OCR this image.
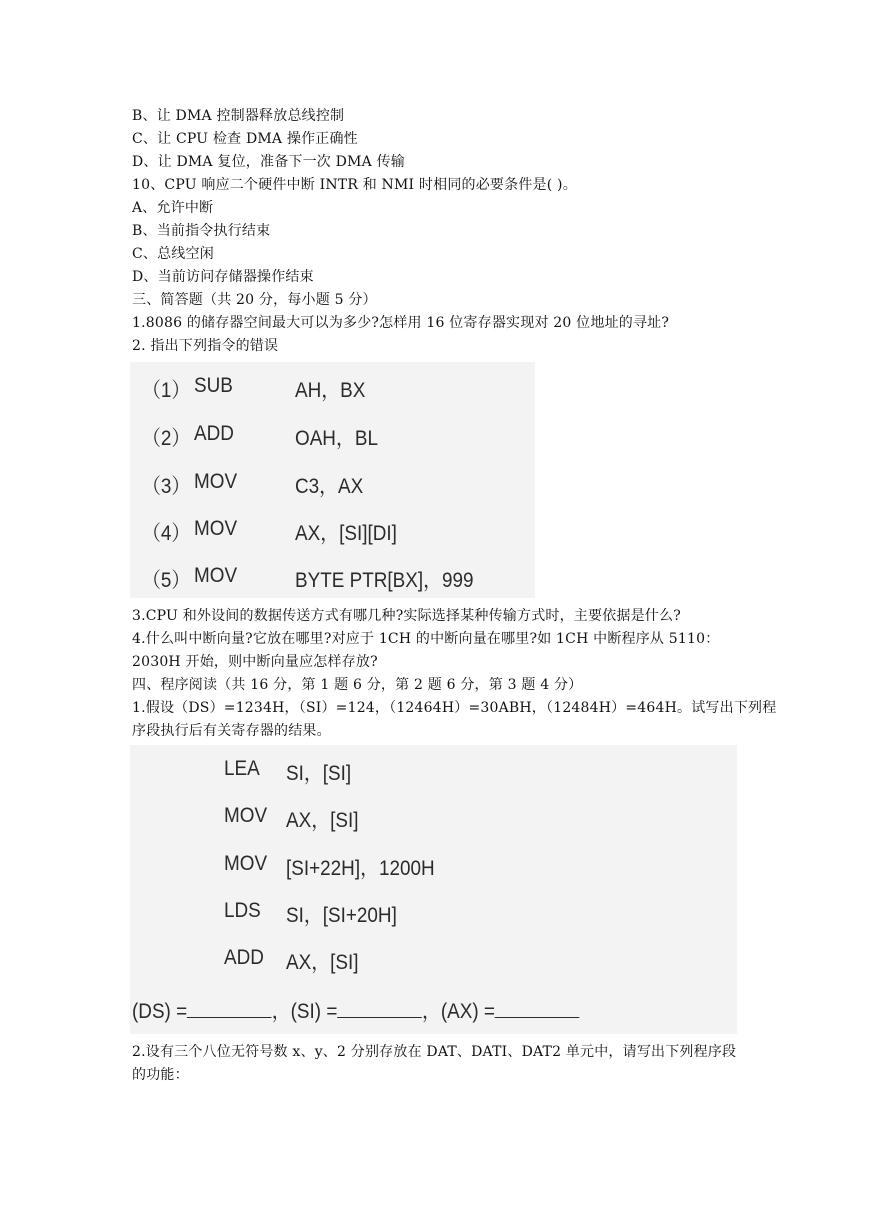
B、让 DMA 控制器释放总线控制
C、让 CPU 检查 DMA 操作正确性
D、让 DMA 复位，准备下一次 DMA 传输
10、CPU 响应二个硬件中断 INTR 和 NMI 时相同的必要条件是( )。
A、允许中断
B、当前指令执行结束
C、总线空闲
D、当前访问存储器操作结束
三、简答题（共 20 分，每小题 5 分）
1.8086 的储存器空间最大可以为多少?怎样用 16 位寄存器实现对 20 位地址的寻址?
2. 指出下列指令的错误
（1） SUB	AH，BX
（2） ADD	OAH，BL
（3） MOV	C3，AX
（4） MOV	AX，[SI][DI]
（5） MOV	BYTE PTR[BX]，999
3.CPU 和外设间的数据传送方式有哪几种?实际选择某种传输方式时，主要依据是什么?
4.什么叫中断向量?它放在哪里?对应于 1CH 的中断向量在哪里?如 1CH 中断程序从 5110：
2030H 开始，则中断向量应怎样存放?
四、程序阅读（共 16 分，第 1 题 6 分，第 2 题 6 分，第 3 题 4 分）
1.假设（DS）=1234H，（SI）=124，（12464H）=30ABH，（12484H）=464H。试写出下列程
序段执行后有关寄存器的结果。
LEA SI，[SI]
MOV AX，[SI]
MOV [SI+22H]，1200H
LDS SI，[SI+20H]
ADD AX，[SI]
(DS) =	，(SI) =	，(AX) =
2.设有三个八位无符号数 x、y、2 分别存放在 DAT、DATI、DAT2 单元中，请写出下列程序段
的功能：
